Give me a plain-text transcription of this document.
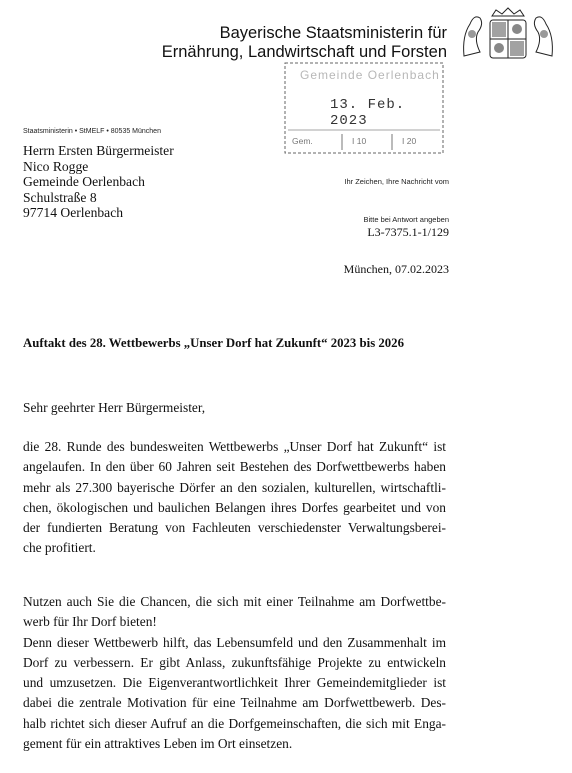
Bayerische Staatsministerin für
Ernährung, Landwirtschaft und Forsten
Gemeinde Oerlenbach
13. Feb. 2023
Gem.	I 10	I 20
Staatsministerin • StMELF • 80535 München
Herrn Ersten Bürgermeister
Nico Rogge
Gemeinde Oerlenbach
Schulstraße 8
97714 Oerlenbach
Ihr Zeichen, Ihre Nachricht vom
Bitte bei Antwort angeben
L3-7375.1-1/129
München, 07.02.2023
Auftakt des 28. Wettbewerbs „Unser Dorf hat Zukunft“ 2023 bis 2026
Sehr geehrter Herr Bürgermeister,
die 28. Runde des bundesweiten Wettbewerbs „Unser Dorf hat Zukunft“ ist
angelaufen. In den über 60 Jahren seit Bestehen des Dorfwettbewerbs haben
mehr als 27.300 bayerische Dörfer an den sozialen, kulturellen, wirtschaftli-
chen, ökologischen und baulichen Belangen ihres Dorfes gearbeitet und von
der fundierten Beratung von Fachleuten verschiedenster Verwaltungsberei-
che profitiert.
Nutzen auch Sie die Chancen, die sich mit einer Teilnahme am Dorfwettbe-
werb für Ihr Dorf bieten!
Denn dieser Wettbewerb hilft, das Lebensumfeld und den Zusammenhalt im
Dorf zu verbessern. Er gibt Anlass, zukunftsfähige Projekte zu entwickeln
und umzusetzen. Die Eigenverantwortlichkeit Ihrer Gemeindemitglieder ist
dabei die zentrale Motivation für eine Teilnahme am Dorfwettbewerb. Des-
halb richtet sich dieser Aufruf an die Dorfgemeinschaften, die sich mit Enga-
gement für ein attraktives Leben im Ort einsetzen.
